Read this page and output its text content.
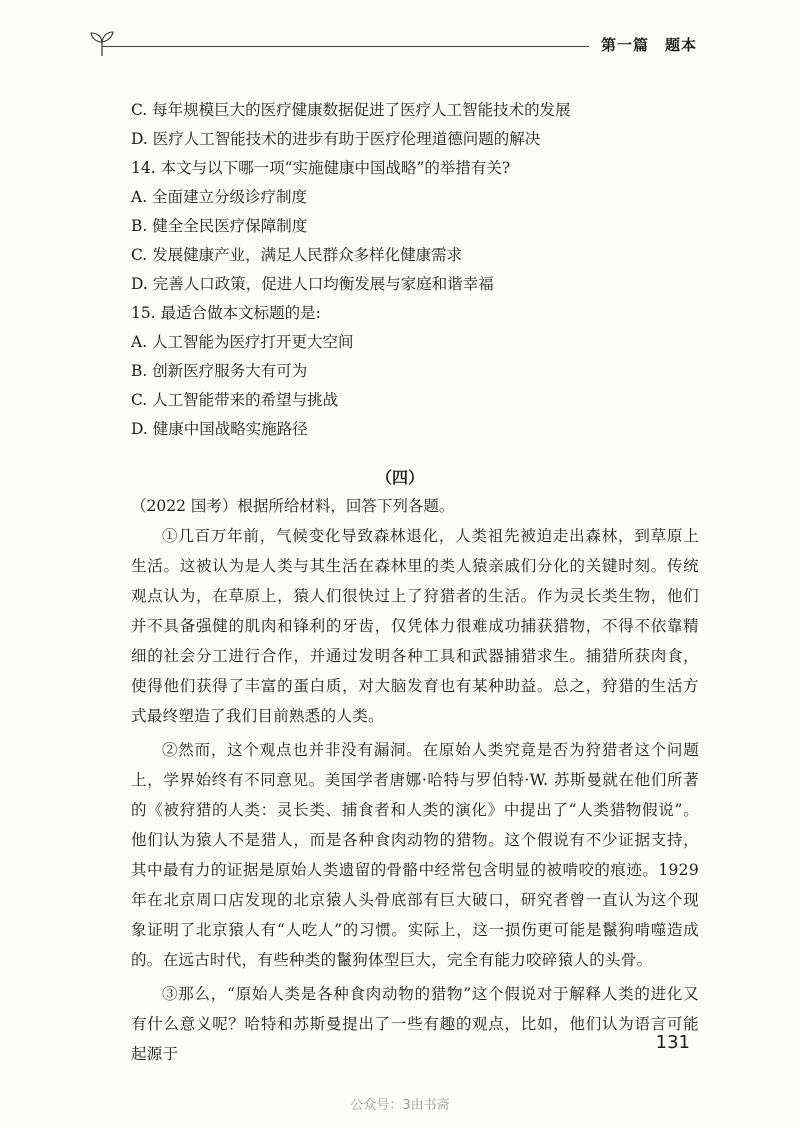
第一篇　题本
C. 每年规模巨大的医疗健康数据促进了医疗人工智能技术的发展
D. 医疗人工智能技术的进步有助于医疗伦理道德问题的解决
14. 本文与以下哪一项“实施健康中国战略”的举措有关?
A. 全面建立分级诊疗制度
B. 健全全民医疗保障制度
C. 发展健康产业，满足人民群众多样化健康需求
D. 完善人口政策，促进人口均衡发展与家庭和谐幸福
15. 最适合做本文标题的是:
A. 人工智能为医疗打开更大空间
B. 创新医疗服务大有可为
C. 人工智能带来的希望与挑战
D. 健康中国战略实施路径
（四）
（2022 国考）根据所给材料，回答下列各题。

①几百万年前，气候变化导致森林退化，人类祖先被迫走出森林，到草原上生活。这被认为是人类与其生活在森林里的类人猿亲戚们分化的关键时刻。传统观点认为，在草原上，猿人们很快过上了狩猎者的生活。作为灵长类生物，他们并不具备强健的肌肉和锋利的牙齿，仅凭体力很难成功捕获猎物，不得不依靠精细的社会分工进行合作，并通过发明各种工具和武器捕猎求生。捕猎所获肉食，使得他们获得了丰富的蛋白质，对大脑发育也有某种助益。总之，狩猎的生活方式最终塑造了我们目前熟悉的人类。

②然而，这个观点也并非没有漏洞。在原始人类究竟是否为狩猎者这个问题上，学界始终有不同意见。美国学者唐娜·哈特与罗伯特·W. 苏斯曼就在他们所著的《被狩猎的人类：灵长类、捕食者和人类的演化》中提出了“人类猎物假说”。他们认为猿人不是猎人，而是各种食肉动物的猎物。这个假说有不少证据支持，其中最有力的证据是原始人类遗留的骨骼中经常包含明显的被啃咬的痕迹。1929 年在北京周口店发现的北京猿人头骨底部有巨大破口，研究者曾一直认为这个现象证明了北京猿人有“人吃人”的习惯。实际上，这一损伤更可能是鬣狗啃噬造成的。在远古时代，有些种类的鬣狗体型巨大，完全有能力咬碎猿人的头骨。

③那么，“原始人类是各种食肉动物的猎物”这个假说对于解释人类的进化又有什么意义呢？哈特和苏斯曼提出了一些有趣的观点，比如，他们认为语言可能起源于

131
公众号：3由书斋
